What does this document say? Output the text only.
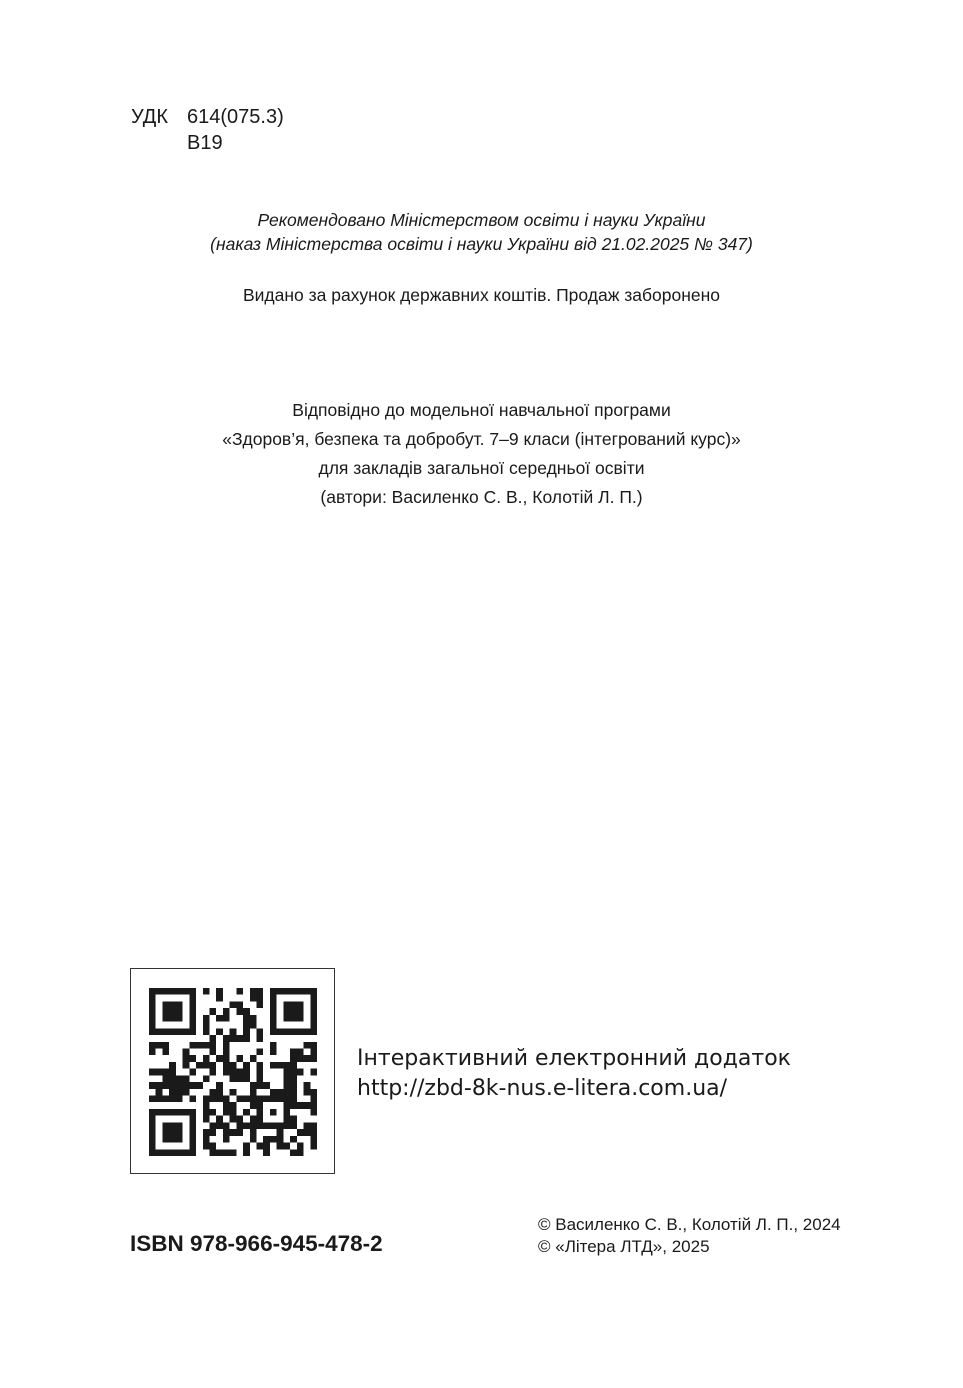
УДК 614(075.3)
В19
Рекомендовано Міністерством освіти і науки України
(наказ Міністерства освіти і науки України від 21.02.2025 № 347)
Видано за рахунок державних коштів. Продаж заборонено
Відповідно до модельної навчальної програми
«Здоров’я, безпека та добробут. 7–9 класи (інтегрований курс)»
для закладів загальної середньої освіти
(автори: Василенко С. В., Колотій Л. П.)
Інтерактивний електронний додаток
http://zbd-8k-nus.e-litera.com.ua/
ISBN 978-966-945-478-2
© Василенко С. В., Колотій Л. П., 2024
© «Літера ЛТД», 2025
